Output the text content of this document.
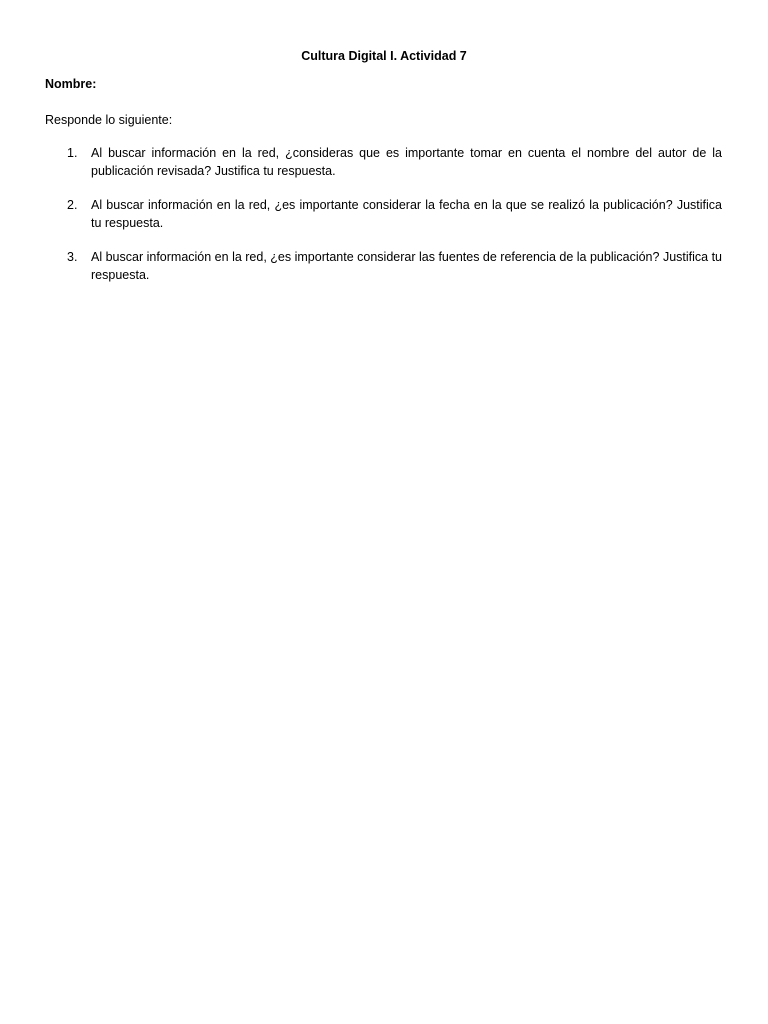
Cultura Digital I. Actividad 7
Nombre:
Responde lo siguiente:
1. Al buscar información en la red, ¿consideras que es importante tomar en cuenta el nombre del autor de la publicación revisada? Justifica tu respuesta.
2. Al buscar información en la red, ¿es importante considerar la fecha en la que se realizó la publicación? Justifica tu respuesta.
3. Al buscar información en la red, ¿es importante considerar las fuentes de referencia de la publicación? Justifica tu respuesta.
